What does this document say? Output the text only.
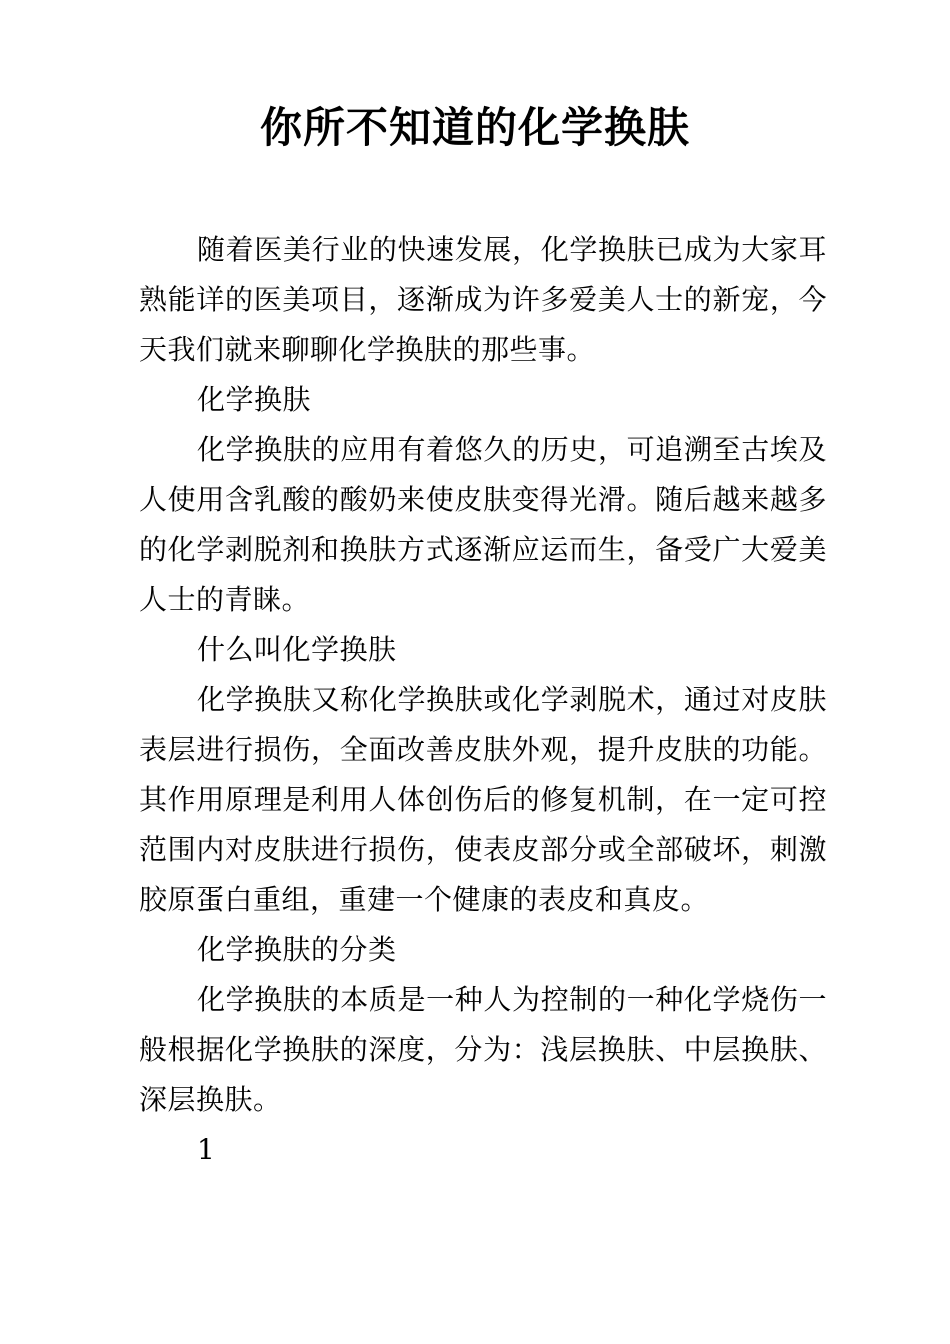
你所不知道的化学换肤

随着医美行业的快速发展，化学换肤已成为大家耳熟能详的医美项目，逐渐成为许多爱美人士的新宠，今天我们就来聊聊化学换肤的那些事。

化学换肤

化学换肤的应用有着悠久的历史，可追溯至古埃及人使用含乳酸的酸奶来使皮肤变得光滑。随后越来越多的化学剥脱剂和换肤方式逐渐应运而生，备受广大爱美人士的青睐。

什么叫化学换肤

化学换肤又称化学换肤或化学剥脱术，通过对皮肤表层进行损伤，全面改善皮肤外观，提升皮肤的功能。其作用原理是利用人体创伤后的修复机制，在一定可控范围内对皮肤进行损伤，使表皮部分或全部破坏，刺激胶原蛋白重组，重建一个健康的表皮和真皮。

化学换肤的分类

化学换肤的本质是一种人为控制的一种化学烧伤一般根据化学换肤的深度，分为：浅层换肤、中层换肤、深层换肤。

1
